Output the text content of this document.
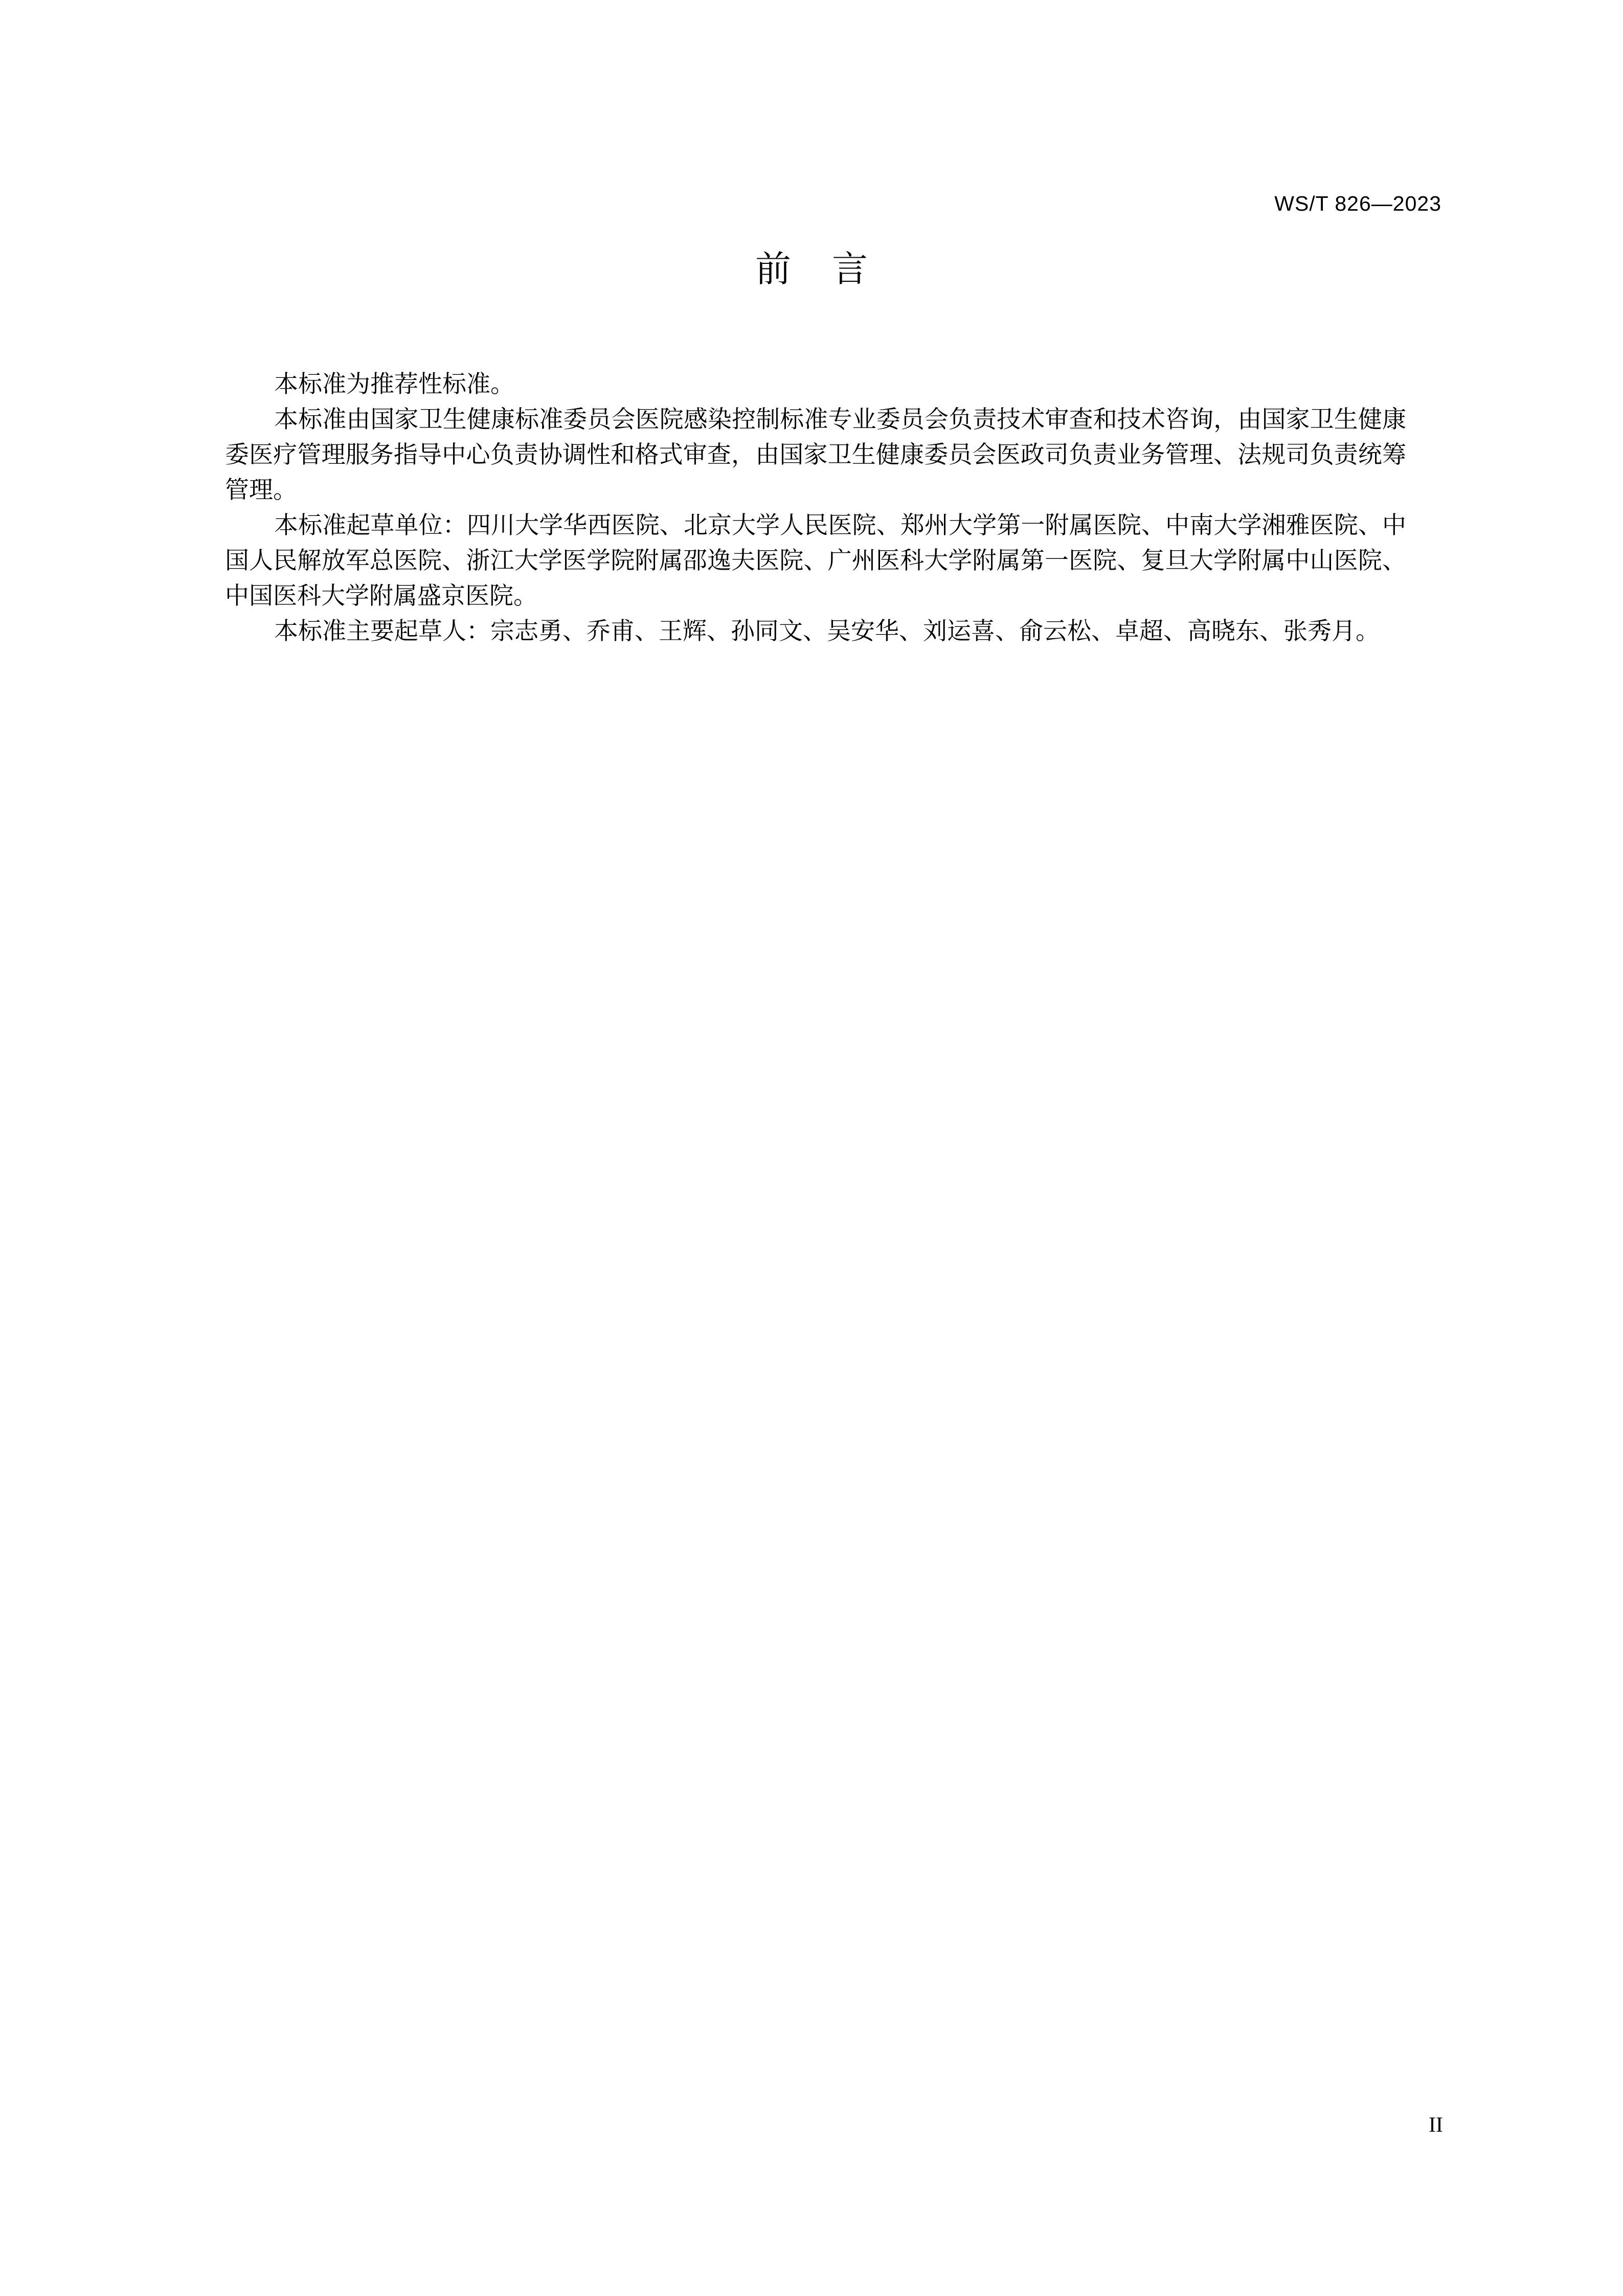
WS/T 826—2023
前 言

本标准为推荐性标准。

本标准由国家卫生健康标准委员会医院感染控制标准专业委员会负责技术审查和技术咨询，由国家卫生健康委医疗管理服务指导中心负责协调性和格式审查，由国家卫生健康委员会医政司负责业务管理、法规司负责统筹管理。

本标准起草单位：四川大学华西医院、北京大学人民医院、郑州大学第一附属医院、中南大学湘雅医院、中国人民解放军总医院、浙江大学医学院附属邵逸夫医院、广州医科大学附属第一医院、复旦大学附属中山医院、中国医科大学附属盛京医院。

本标准主要起草人：宗志勇、乔甫、王辉、孙同文、吴安华、刘运喜、俞云松、卓超、高晓东、张秀月。

II
